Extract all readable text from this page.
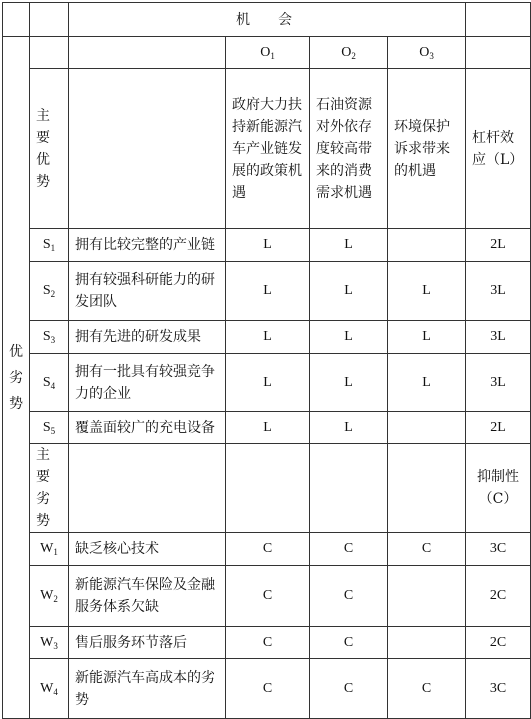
		机会				

优
劣
势			$O_1$	$O_2$	$O_3$	
	主要优势		政府大力扶持新能源汽车产业链发展的政策机遇	石油资源对外依存度较高带来的消费需求机遇	环境保护诉求带来的机遇	杠杆效应（L）
	$S_1$	拥有比较完整的产业链	L	L		2L
	$S_2$	拥有较强科研能力的研发团队	L	L	L	3L
	$S_3$	拥有先进的研发成果	L	L	L	3L
	$S_4$	拥有一批具有较强竞争力的企业	L	L	L	3L
	$S_5$	覆盖面较广的充电设备	L	L		2L
	主要劣势					抑制性（C）
	$W_1$	缺乏核心技术	C	C	C	3C
	$W_2$	新能源汽车保险及金融服务体系欠缺	C	C		2C
	$W_3$	售后服务环节落后	C	C		2C
	$W_4$	新能源汽车高成本的劣势	C	C	C	3C
